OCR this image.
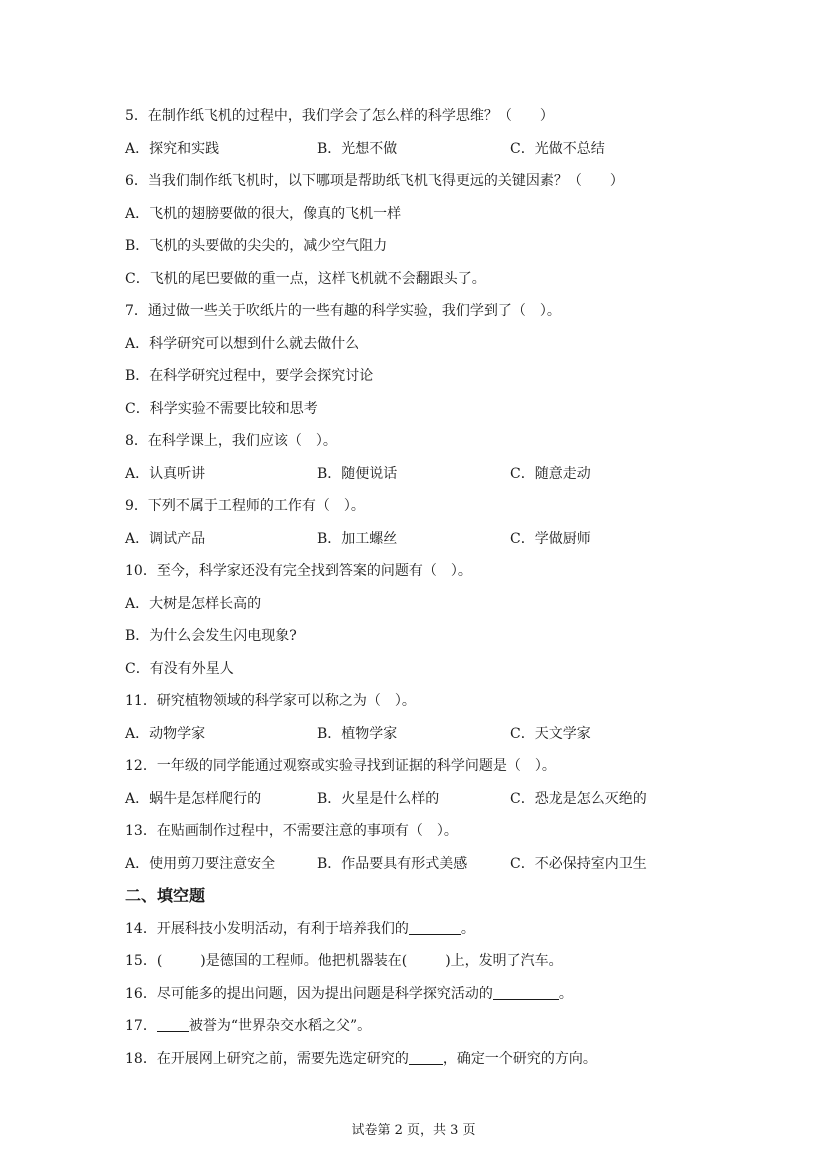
5．在制作纸飞机的过程中，我们学会了怎么样的科学思维？（　　）
A．探究和实践	B．光想不做	C．光做不总结
6．当我们制作纸飞机时，以下哪项是帮助纸飞机飞得更远的关键因素？（　　）
A．飞机的翅膀要做的很大，像真的飞机一样
B．飞机的头要做的尖尖的，减少空气阻力
C．飞机的尾巴要做的重一点，这样飞机就不会翻跟头了。
7．通过做一些关于吹纸片的一些有趣的科学实验，我们学到了（　）。
A．科学研究可以想到什么就去做什么
B．在科学研究过程中，要学会探究讨论
C．科学实验不需要比较和思考
8．在科学课上，我们应该（　）。
A．认真听讲	B．随便说话	C．随意走动
9．下列不属于工程师的工作有（　）。
A．调试产品	B．加工螺丝	C．学做厨师
10．至今，科学家还没有完全找到答案的问题有（　）。
A．大树是怎样长高的
B．为什么会发生闪电现象?
C．有没有外星人
11．研究植物领域的科学家可以称之为（　）。
A．动物学家	B．植物学家	C．天文学家
12．一年级的同学能通过观察或实验寻找到证据的科学问题是（　）。
A．蜗牛是怎样爬行的	B．火星是什么样的	C．恐龙是怎么灭绝的
13．在贴画制作过程中，不需要注意的事项有（　）。
A．使用剪刀要注意安全	B．作品要具有形式美感	C．不必保持室内卫生
二、填空题
14．开展科技小发明活动，有利于培养我们的	。
15．(	)是德国的工程师。他把机器装在(	)上，发明了汽车。
16．尽可能多的提出问题，因为提出问题是科学探究活动的	。
17． 被誉为“世界杂交水稻之父”。
18．在开展网上研究之前，需要先选定研究的 ，确定一个研究的方向。
试卷第 2 页，共 3 页
